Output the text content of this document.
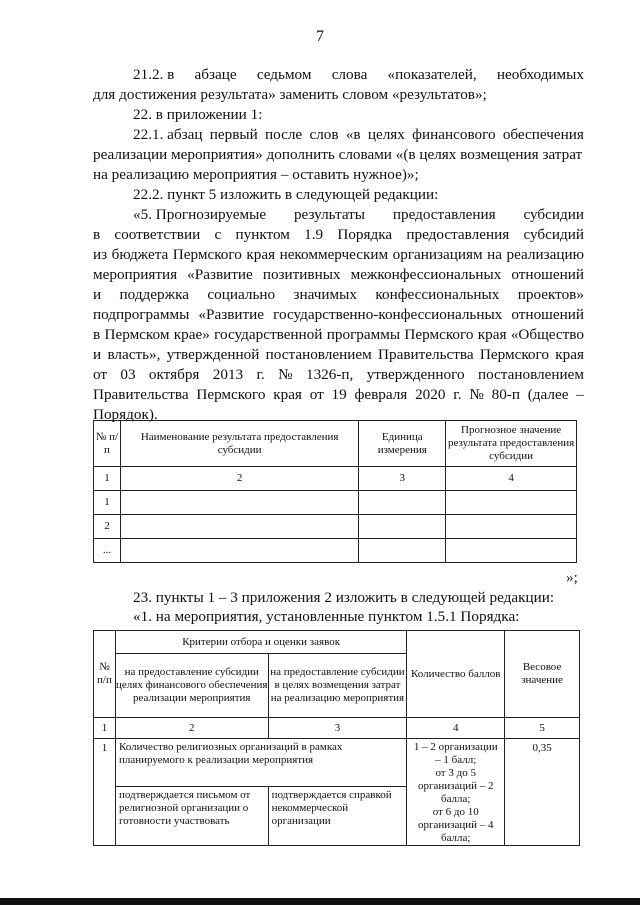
7
21.2. в абзаце седьмом слова «показателей, необходимых
для достижения результата» заменить словом «результатов»;
22. в приложении 1:
22.1. абзац первый после слов «в целях финансового обеспечения
реализации мероприятия» дополнить словами «(в целях возмещения затрат
на реализацию мероприятия – оставить нужное)»;
22.2. пункт 5 изложить в следующей редакции:
«5. Прогнозируемые результаты предоставления субсидии
в соответствии с пунктом 1.9 Порядка предоставления субсидий
из бюджета Пермского края некоммерческим организациям на реализацию
мероприятия «Развитие позитивных межконфессиональных отношений
и поддержка социально значимых конфессиональных проектов»
подпрограммы «Развитие государственно-конфессиональных отношений
в Пермском крае» государственной программы Пермского края «Общество
и власть», утвержденной постановлением Правительства Пермского края
от 03 октября 2013 г. № 1326-п, утвержденного постановлением
Правительства Пермского края от 19 февраля 2020 г. № 80-п (далее –
Порядок).
№ п/п	Наименование результата предоставления субсидии	Единица измерения	Прогнозное значение результата предоставления субсидии
1	2	3	4
1			
2			
...			
»;
23. пункты 1 – 3 приложения 2 изложить в следующей редакции:
«1. на мероприятия, установленные пунктом 1.5.1 Порядка:
№ п/п	Критерии отбора и оценки заявок		Количество баллов	Весовое значение
	на предоставление субсидии целях финансового обеспечения реализации мероприятия	на предоставление субсидии в целях возмещения затрат на реализацию мероприятия		
1	2	3	4	5
1	Количество религиозных организаций в рамках планируемого к реализации мероприятия		1 – 2 организации – 1 балл;
от 3 до 5 организаций – 2 балла;
от 6 до 10 организаций – 4 балла;	0,35
	подтверждается письмом от религиозной организации о готовности участвовать	подтверждается справкой некоммерческой организации		
